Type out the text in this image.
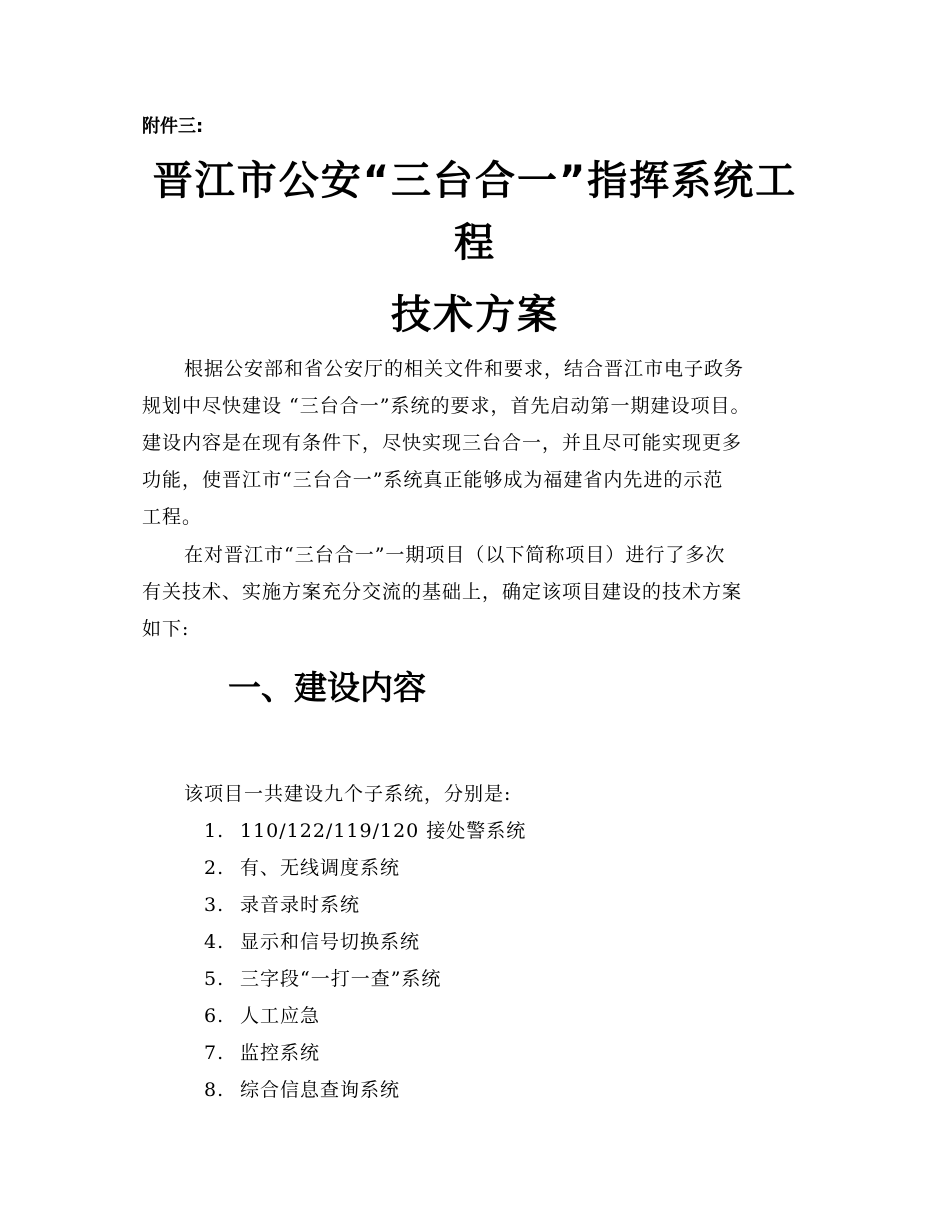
附件三:
晋江市公安“三台合一”指挥系统工
程
技术方案
根据公安部和省公安厅的相关文件和要求，结合晋江市电子政务
规划中尽快建设 “三台合一”系统的要求，首先启动第一期建设项目。
建设内容是在现有条件下，尽快实现三台合一，并且尽可能实现更多
功能，使晋江市“三台合一”系统真正能够成为福建省内先进的示范
工程。
在对晋江市“三台合一”一期项目（以下简称项目）进行了多次
有关技术、实施方案充分交流的基础上，确定该项目建设的技术方案
如下:
一、建设内容
该项目一共建设九个子系统，分别是:
1. 110/122/119/120 接处警系统
2. 有、无线调度系统
3. 录音录时系统
4. 显示和信号切换系统
5. 三字段“一打一查”系统
6. 人工应急
7. 监控系统
8. 综合信息查询系统
